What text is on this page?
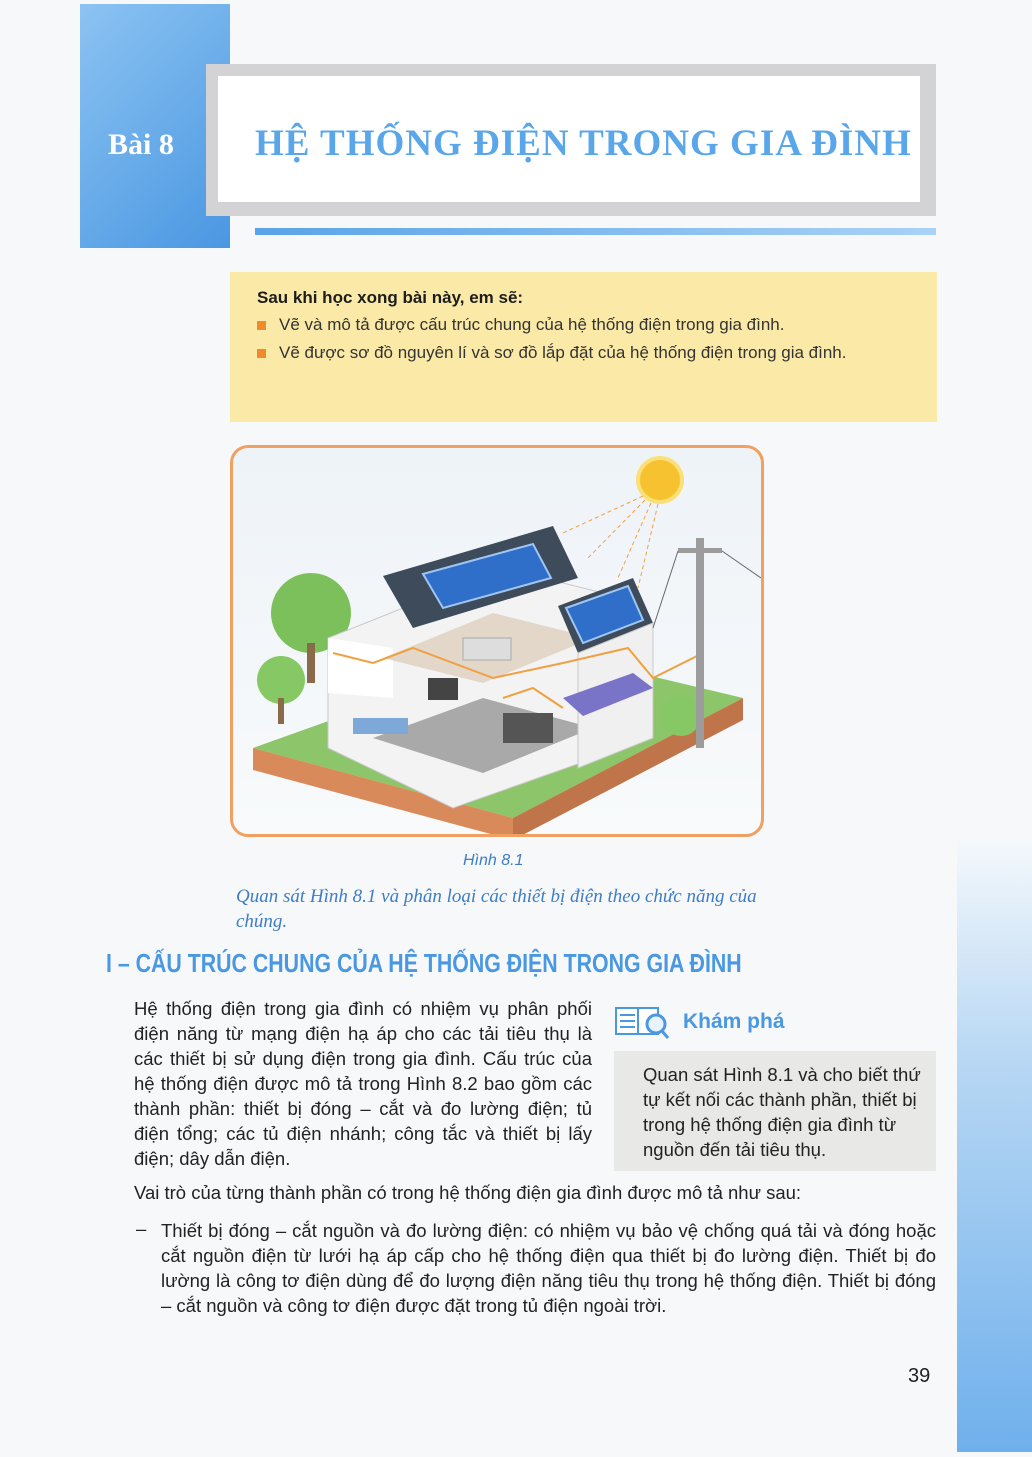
Bài 8 HỆ THỐNG ĐIỆN TRONG GIA ĐÌNH
Sau khi học xong bài này, em sẽ:
Vẽ và mô tả được cấu trúc chung của hệ thống điện trong gia đình.
Vẽ được sơ đồ nguyên lí và sơ đồ lắp đặt của hệ thống điện trong gia đình.
Hình 8.1
Quan sát Hình 8.1 và phân loại các thiết bị điện theo chức năng của chúng.
I – CẤU TRÚC CHUNG CỦA HỆ THỐNG ĐIỆN TRONG GIA ĐÌNH
Hệ thống điện trong gia đình có nhiệm vụ phân phối điện năng từ mạng điện hạ áp cho các tải tiêu thụ là các thiết bị sử dụng điện trong gia đình. Cấu trúc của hệ thống điện được mô tả trong Hình 8.2 bao gồm các thành phần: thiết bị đóng – cắt và đo lường điện; tủ điện tổng; các tủ điện nhánh; công tắc và thiết bị lấy điện; dây dẫn điện.
Khám phá
Quan sát Hình 8.1 và cho biết thứ tự kết nối các thành phần, thiết bị trong hệ thống điện gia đình từ nguồn đến tải tiêu thụ.
Vai trò của từng thành phần có trong hệ thống điện gia đình được mô tả như sau:
– Thiết bị đóng – cắt nguồn và đo lường điện: có nhiệm vụ bảo vệ chống quá tải và đóng hoặc cắt nguồn điện từ lưới hạ áp cấp cho hệ thống điện qua thiết bị đo lường điện. Thiết bị đo lường là công tơ điện dùng để đo lượng điện năng tiêu thụ trong hệ thống điện. Thiết bị đóng – cắt nguồn và công tơ điện được đặt trong tủ điện ngoài trời.
39
